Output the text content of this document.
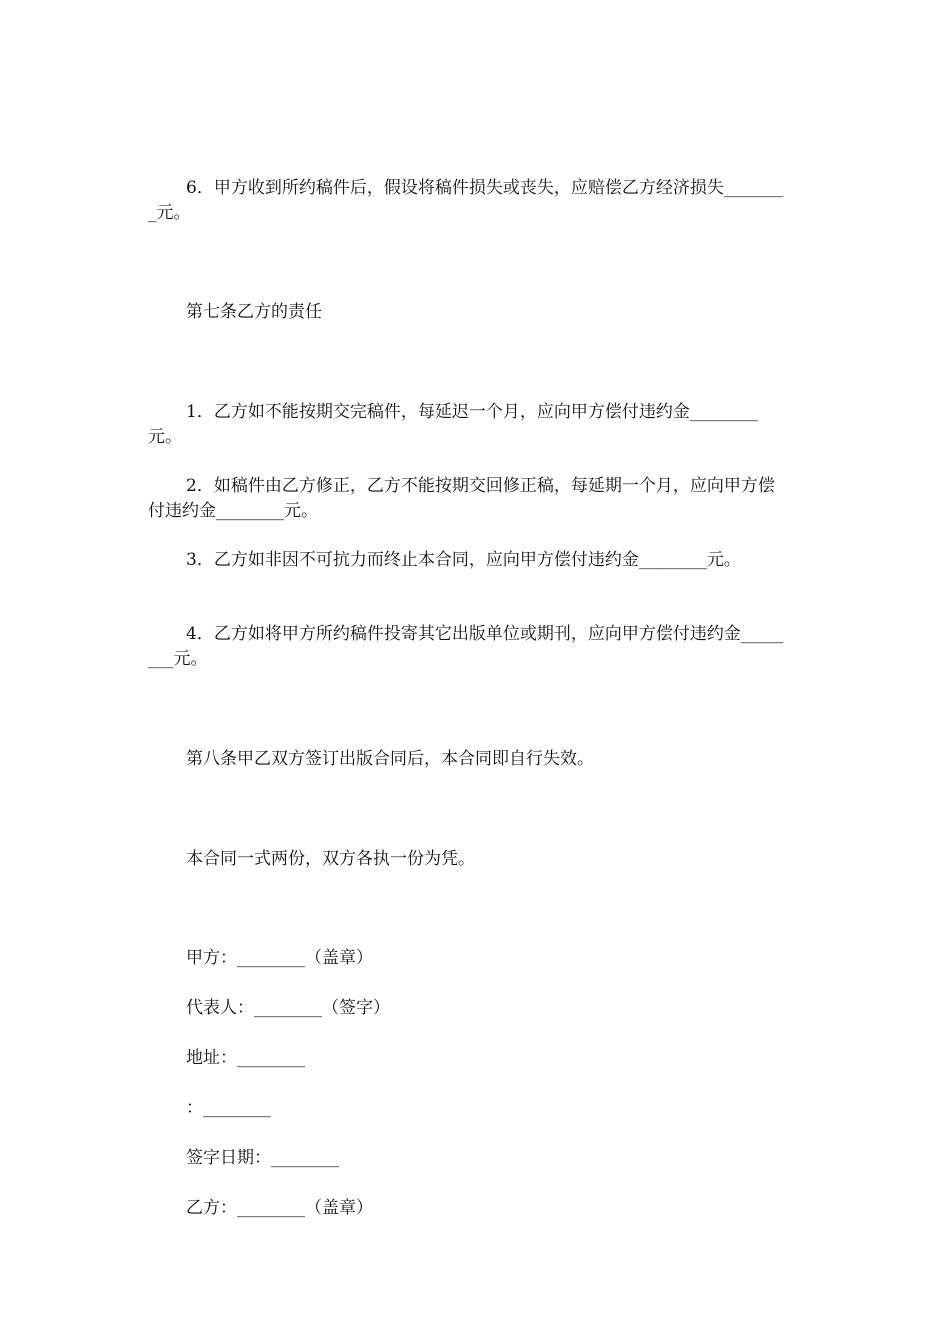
6．甲方收到所约稿件后，假设将稿件损失或丧失，应赔偿乙方经济损失________元。

第七条乙方的责任

1．乙方如不能按期交完稿件，每延迟一个月，应向甲方偿付违约金________元。

2．如稿件由乙方修正，乙方不能按期交回修正稿，每延期一个月，应向甲方偿付违约金________元。

3．乙方如非因不可抗力而终止本合同，应向甲方偿付违约金________元。

4．乙方如将甲方所约稿件投寄其它出版单位或期刊，应向甲方偿付违约金________元。

第八条甲乙双方签订出版合同后，本合同即自行失效。

本合同一式两份，双方各执一份为凭。

甲方：________（盖章）

代表人：________（签字）

地址：________

：________

签字日期：________

乙方：________（盖章）
